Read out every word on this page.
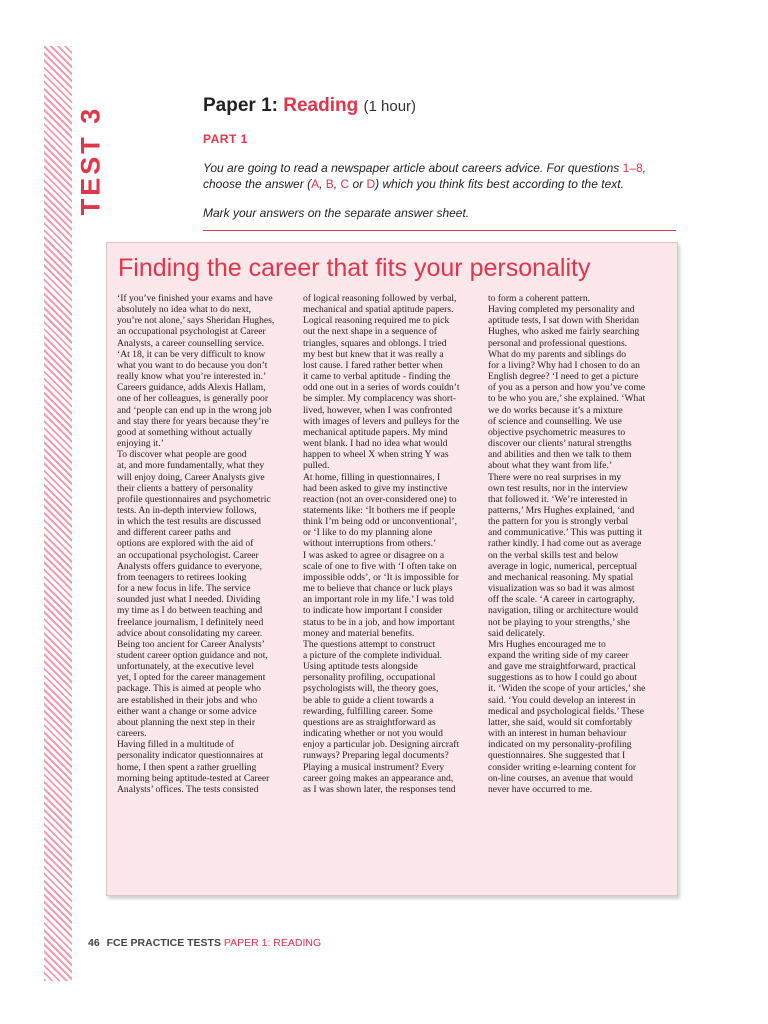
TEST 3
Paper 1: Reading (1 hour)
PART 1
You are going to read a newspaper article about careers advice. For questions 1–8, choose the answer (A, B, C or D) which you think fits best according to the text.
Mark your answers on the separate answer sheet.
Finding the career that fits your personality

‘If you’ve finished your exams and have
absolutely no idea what to do next,
you’re not alone,’ says Sheridan Hughes,
an occupational psychologist at Career
Analysts, a career counselling service.
‘At 18, it can be very difficult to know
what you want to do because you don’t
really know what you’re interested in.’
Careers guidance, adds Alexis Hallam,
one of her colleagues, is generally poor
and ‘people can end up in the wrong job
and stay there for years because they’re
good at something without actually
enjoying it.’
To discover what people are good
at, and more fundamentally, what they
will enjoy doing, Career Analysts give
their clients a battery of personality
profile questionnaires and psychometric
tests. An in-depth interview follows,
in which the test results are discussed
and different career paths and
options are explored with the aid of
an occupational psychologist. Career
Analysts offers guidance to everyone,
from teenagers to retirees looking
for a new focus in life. The service
sounded just what I needed. Dividing
my time as I do between teaching and
freelance journalism, I definitely need
advice about consolidating my career.
Being too ancient for Career Analysts’
student career option guidance and not,
unfortunately, at the executive level
yet, I opted for the career management
package. This is aimed at people who
are established in their jobs and who
either want a change or some advice
about planning the next step in their
careers.
Having filled in a multitude of
personality indicator questionnaires at
home, I then spent a rather gruelling
morning being aptitude-tested at Career
Analysts’ offices. The tests consisted

of logical reasoning followed by verbal,
mechanical and spatial aptitude papers.
Logical reasoning required me to pick
out the next shape in a sequence of
triangles, squares and oblongs. I tried
my best but knew that it was really a
lost cause. I fared rather better when
it came to verbal aptitude - finding the
odd one out in a series of words couldn’t
be simpler. My complacency was short-
lived, however, when I was confronted
with images of levers and pulleys for the
mechanical aptitude papers. My mind
went blank. I had no idea what would
happen to wheel X when string Y was
pulled.
At home, filling in questionnaires, I
had been asked to give my instinctive
reaction (not an over-considered one) to
statements like: ‘It bothers me if people
think I’m being odd or unconventional’,
or ‘I like to do my planning alone
without interruptions from others.’
I was asked to agree or disagree on a
scale of one to five with ‘I often take on
impossible odds’, or ‘It is impossible for
me to believe that chance or luck plays
an important role in my life.’ I was told
to indicate how important I consider
status to be in a job, and how important
money and material benefits.
The questions attempt to construct
a picture of the complete individual.
Using aptitude tests alongside
personality profiling, occupational
psychologists will, the theory goes,
be able to guide a client towards a
rewarding, fulfilling career. Some
questions are as straightforward as
indicating whether or not you would
enjoy a particular job. Designing aircraft
runways? Preparing legal documents?
Playing a musical instrument? Every
career going makes an appearance and,
as I was shown later, the responses tend

to form a coherent pattern.
Having completed my personality and
aptitude tests, I sat down with Sheridan
Hughes, who asked me fairly searching
personal and professional questions.
What do my parents and siblings do
for a living? Why had I chosen to do an
English degree? ‘I need to get a picture
of you as a person and how you’ve come
to be who you are,’ she explained. ‘What
we do works because it’s a mixture
of science and counselling. We use
objective psychometric measures to
discover our clients’ natural strengths
and abilities and then we talk to them
about what they want from life.’
There were no real surprises in my
own test results, nor in the interview
that followed it. ‘We’re interested in
patterns,’ Mrs Hughes explained, ‘and
the pattern for you is strongly verbal
and communicative.’ This was putting it
rather kindly. I had come out as average
on the verbal skills test and below
average in logic, numerical, perceptual
and mechanical reasoning. My spatial
visualization was so bad it was almost
off the scale. ‘A career in cartography,
navigation, tiling or architecture would
not be playing to your strengths,’ she
said delicately.
Mrs Hughes encouraged me to
expand the writing side of my career
and gave me straightforward, practical
suggestions as to how I could go about
it. ‘Widen the scope of your articles,’ she
said. ‘You could develop an interest in
medical and psychological fields.’ These
latter, she said, would sit comfortably
with an interest in human behaviour
indicated on my personality-profiling
questionnaires. She suggested that I
consider writing e-learning content for
on-line courses, an avenue that would
never have occurred to me.

46 FCE PRACTICE TESTS PAPER 1: READING
